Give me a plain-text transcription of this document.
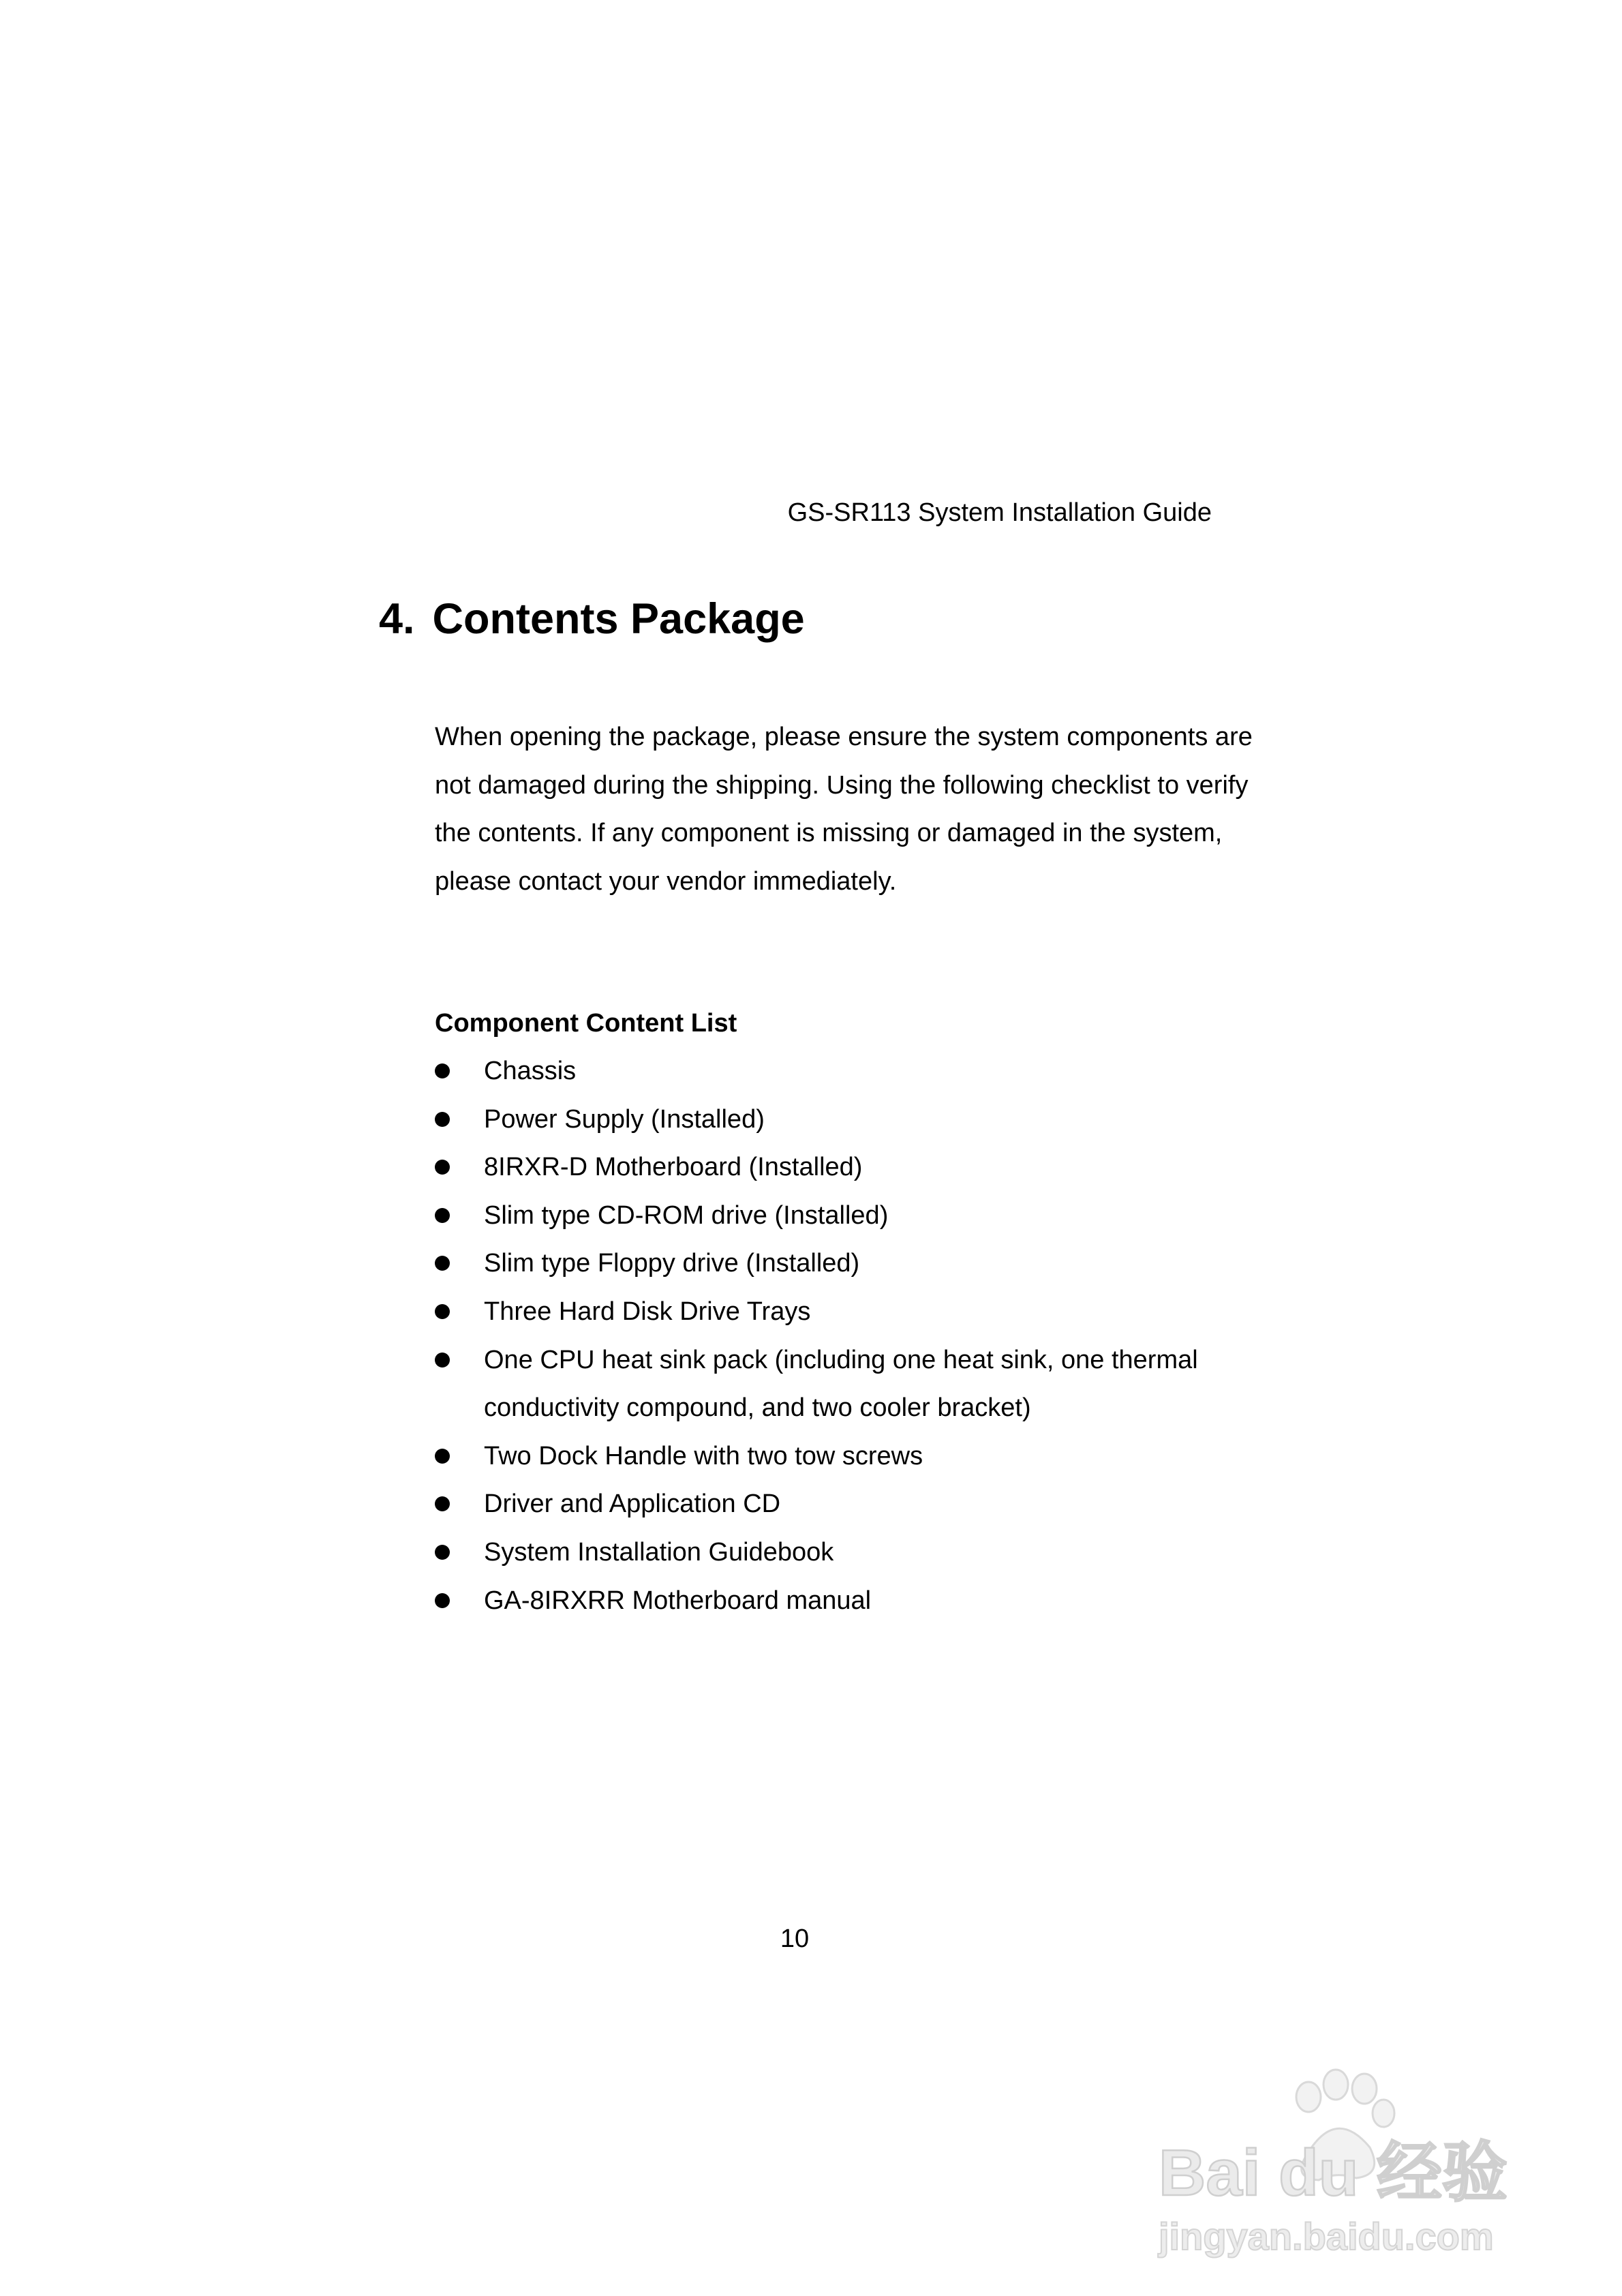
GS-SR113 System Installation Guide
4. Contents Package

When opening the package, please ensure the system components are not damaged during the shipping. Using the following checklist to verify the contents. If any component is missing or damaged in the system, please contact your vendor immediately.

Component Content List
Chassis
Power Supply (Installed)
8IRXR-D Motherboard (Installed)
Slim type CD-ROM drive (Installed)
Slim type Floppy drive (Installed)
Three Hard Disk Drive Trays
One CPU heat sink pack (including one heat sink, one thermal conductivity compound, and two cooler bracket)
Two Dock Handle with two tow screws
Driver and Application CD
System Installation Guidebook
GA-8IRXRR Motherboard manual
10
Bai du 经验
jingyan.baidu.com
